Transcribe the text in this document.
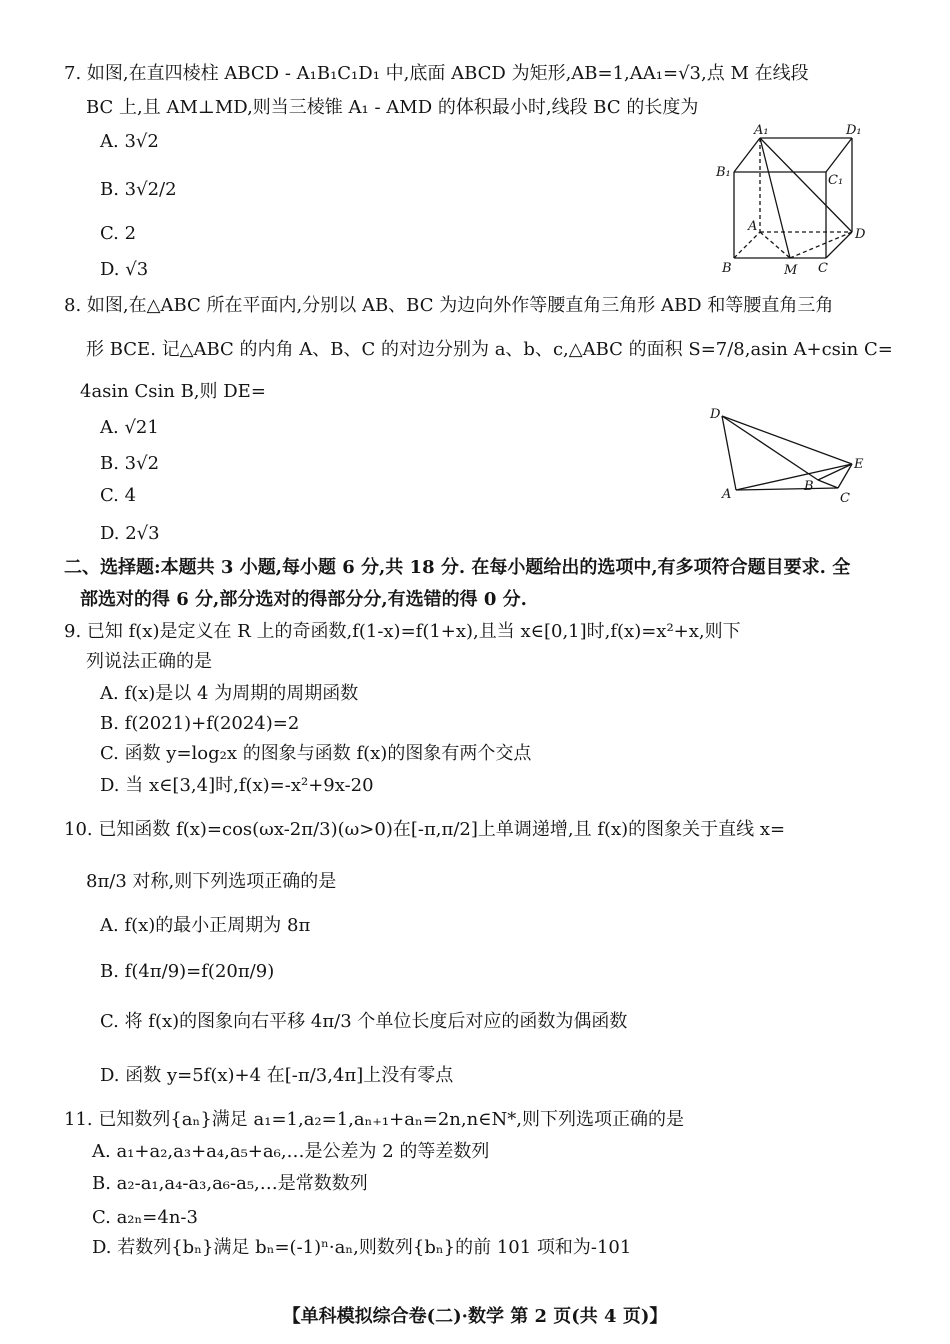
7. 如图,在直四棱柱 ABCD - A₁B₁C₁D₁ 中,底面 ABCD 为矩形,AB=1,AA₁=√3,点 M 在线段
BC 上,且 AM⊥MD,则当三棱锥 A₁ - AMD 的体积最小时,线段 BC 的长度为
A. 3√2
B. 3√2/2
C. 2
D. √3
A₁	D₁
B₁
C₁
A
D
B	M C
8. 如图,在△ABC 所在平面内,分别以 AB、BC 为边向外作等腰直角三角形 ABD 和等腰直角三角
形 BCE. 记△ABC 的内角 A、B、C 的对边分别为 a、b、c,△ABC 的面积 S=7/8,asin A+csin C=
4asin Csin B,则 DE=
A. √21
B. 3√2
C. 4
D. 2√3
D
E
A
B
C
二、选择题:本题共 3 小题,每小题 6 分,共 18 分. 在每小题给出的选项中,有多项符合题目要求. 全
部选对的得 6 分,部分选对的得部分分,有选错的得 0 分.
9. 已知 f(x)是定义在 R 上的奇函数,f(1-x)=f(1+x),且当 x∈[0,1]时,f(x)=x²+x,则下
列说法正确的是
A. f(x)是以 4 为周期的周期函数
B. f(2021)+f(2024)=2
C. 函数 y=log₂x 的图象与函数 f(x)的图象有两个交点
D. 当 x∈[3,4]时,f(x)=-x²+9x-20
10. 已知函数 f(x)=cos(ωx-2π/3)(ω>0)在[-π,π/2]上单调递增,且 f(x)的图象关于直线 x=
8π/3 对称,则下列选项正确的是
A. f(x)的最小正周期为 8π
B. f(4π/9)=f(20π/9)
C. 将 f(x)的图象向右平移 4π/3 个单位长度后对应的函数为偶函数
D. 函数 y=5f(x)+4 在[-π/3,4π]上没有零点
11. 已知数列{aₙ}满足 a₁=1,a₂=1,aₙ₊₁+aₙ=2n,n∈N*,则下列选项正确的是
A. a₁+a₂,a₃+a₄,a₅+a₆,…是公差为 2 的等差数列
B. a₂-a₁,a₄-a₃,a₆-a₅,…是常数数列
C. a₂ₙ=4n-3
D. 若数列{bₙ}满足 bₙ=(-1)ⁿ·aₙ,则数列{bₙ}的前 101 项和为-101
【单科模拟综合卷(二)·数学 第 2 页(共 4 页)】
